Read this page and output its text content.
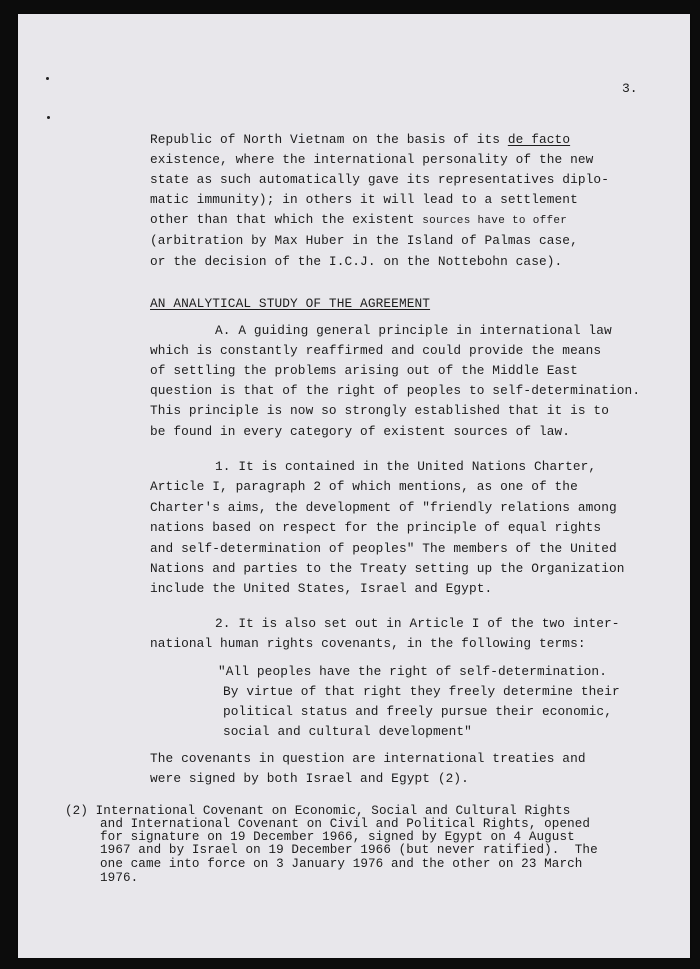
3.
Republic of North Vietnam on the basis of its de facto
existence, where the international personality of the new
state as such automatically gave its representatives diplo-
matic immunity); in others it will lead to a settlement
other than that which the existent sources have to offer
(arbitration by Max Huber in the Island of Palmas case,
or the decision of the I.C.J. on the Nottebohn case).
AN ANALYTICAL STUDY OF THE AGREEMENT
A. A guiding general principle in international law
which is constantly reaffirmed and could provide the means
of settling the problems arising out of the Middle East
question is that of the right of peoples to self-determination.
This principle is now so strongly established that it is to
be found in every category of existent sources of law.
1. It is contained in the United Nations Charter,
Article I, paragraph 2 of which mentions, as one of the
Charter's aims, the development of "friendly relations among
nations based on respect for the principle of equal rights
and self-determination of peoples" The members of the United
Nations and parties to the Treaty setting up the Organization
include the United States, Israel and Egypt.
2. It is also set out in Article I of the two inter-
national human rights covenants, in the following terms:
"All peoples have the right of self-determination.
By virtue of that right they freely determine their
political status and freely pursue their economic,
social and cultural development"
The covenants in question are international treaties and
were signed by both Israel and Egypt (2).
(2) International Covenant on Economic, Social and Cultural Rights
and International Covenant on Civil and Political Rights, opened
for signature on 19 December 1966, signed by Egypt on 4 August
1967 and by Israel on 19 December 1966 (but never ratified).  The
one came into force on 3 January 1976 and the other on 23 March
1976.
